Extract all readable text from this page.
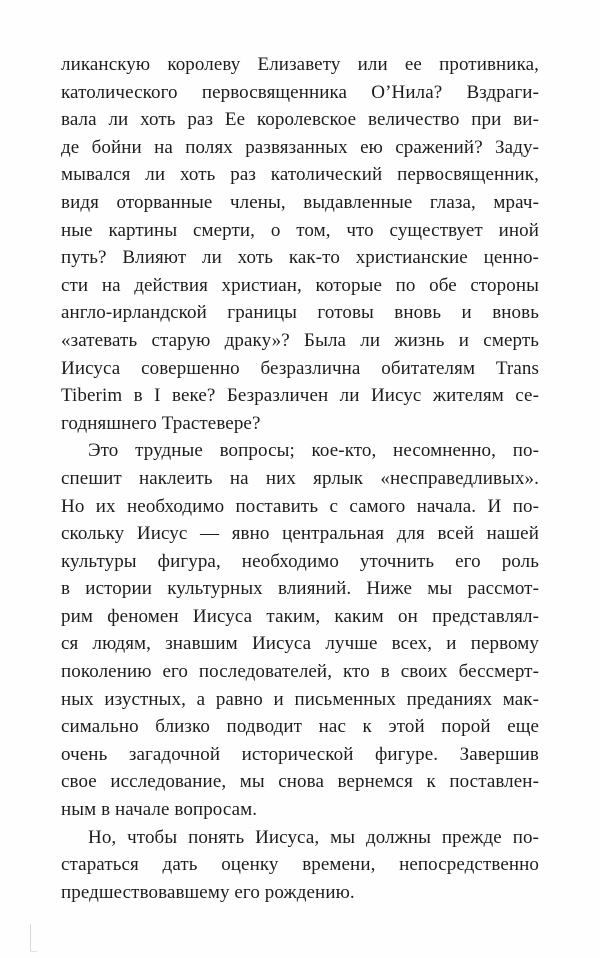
ликанскую королеву Елизавету или ее противника,
католического первосвященника О’Нила? Вздраги-
вала ли хоть раз Ее королевское величество при ви-
де бойни на полях развязанных ею сражений? Заду-
мывался ли хоть раз католический первосвященник,
видя оторванные члены, выдавленные глаза, мрач-
ные картины смерти, о том, что существует иной
путь? Влияют ли хоть как-то христианские ценно-
сти на действия христиан, которые по обе стороны
англо-ирландской границы готовы вновь и вновь
«затевать старую драку»? Была ли жизнь и смерть
Иисуса совершенно безразлична обитателям Trans
Tiberim в I веке? Безразличен ли Иисус жителям се-
годняшнего Трастевере?
Это трудные вопросы; кое-кто, несомненно, по-
спешит наклеить на них ярлык «несправедливых».
Но их необходимо поставить с самого начала. И по-
скольку Иисус — явно центральная для всей нашей
культуры фигура, необходимо уточнить его роль
в истории культурных влияний. Ниже мы рассмот-
рим феномен Иисуса таким, каким он представлял-
ся людям, знавшим Иисуса лучше всех, и первому
поколению его последователей, кто в своих бессмерт-
ных изустных, а равно и письменных преданиях мак-
симально близко подводит нас к этой порой еще
очень загадочной исторической фигуре. Завершив
свое исследование, мы снова вернемся к поставлен-
ным в начале вопросам.
Но, чтобы понять Иисуса, мы должны прежде по-
стараться дать оценку времени, непосредственно
предшествовавшему его рождению.
